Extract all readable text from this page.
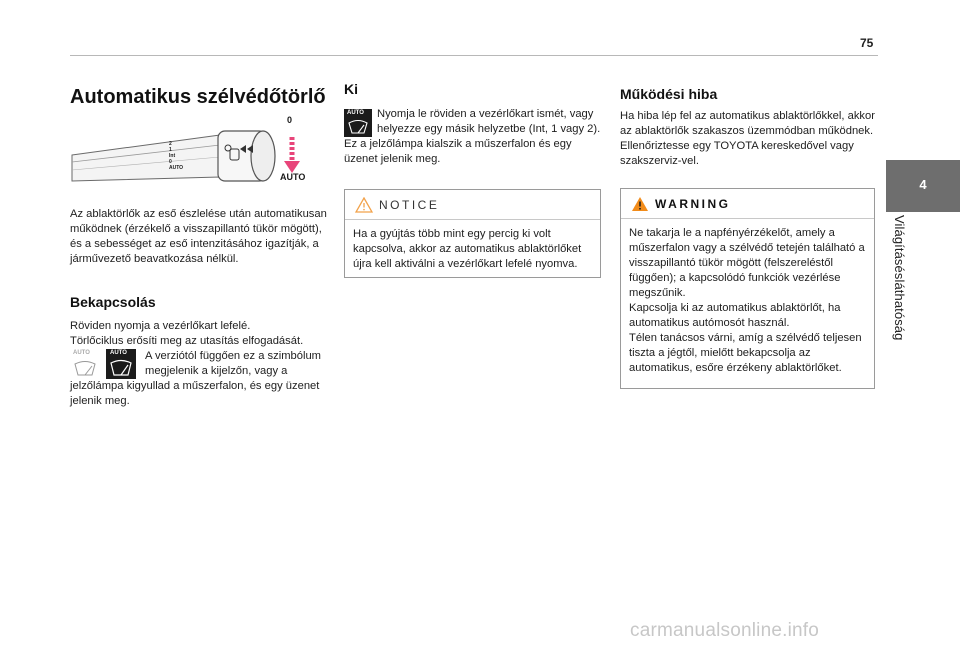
75
4
Világításésláthatóság
Automatikus szélvédőtörlő
0
AUTO
2
1
Int
0
AUTO

Az ablaktörlők az eső észlelése után automatikusan működnek (érzékelő a visszapillantó tükör mögött), és a sebességet az eső intenzitásához igazítják, a járművezető beavatkozása nélkül.

Bekapcsolás

Röviden nyomja a vezérlőkart lefelé.

Törlőciklus erősíti meg az utasítás elfogadását.

AUTO	AUTO	A verziótól függően ez a szimbólum megjelenik a kijelzőn, vagy a jelzőlámpa kigyullad a műszerfalon, és egy üzenet jelenik meg.

Ki
AUTO	Nyomja le röviden a vezérlőkart ismét, vagy helyezze egy másik helyzetbe (Int, 1 vagy 2).

Ez a jelzőlámpa kialszik a műszerfalon és egy üzenet jelenik meg.

NOTICE

Ha a gyújtás több mint egy percig ki volt kapcsolva, akkor az automatikus ablaktörlőket újra kell aktiválni a vezérlőkart lefelé nyomva.

Működési hiba

Ha hiba lép fel az automatikus ablaktörlőkkel, akkor az ablaktörlők szakaszos üzemmódban működnek.

Ellenőriztesse egy TOYOTA kereskedővel vagy szakszerviz-vel.

WARNING

Ne takarja le a napfényérzékelőt, amely a műszerfalon vagy a szélvédő tetején található a visszapillantó tükör mögött (felszereléstől függően); a kapcsolódó funkciók vezérlése megszűnik.

Kapcsolja ki az automatikus ablaktörlőt, ha automatikus autómosót használ.

Télen tanácsos várni, amíg a szélvédő teljesen tiszta a jégtől, mielőtt bekapcsolja az automatikus, esőre érzékeny ablaktörlőket.

carmanualsonline.info
